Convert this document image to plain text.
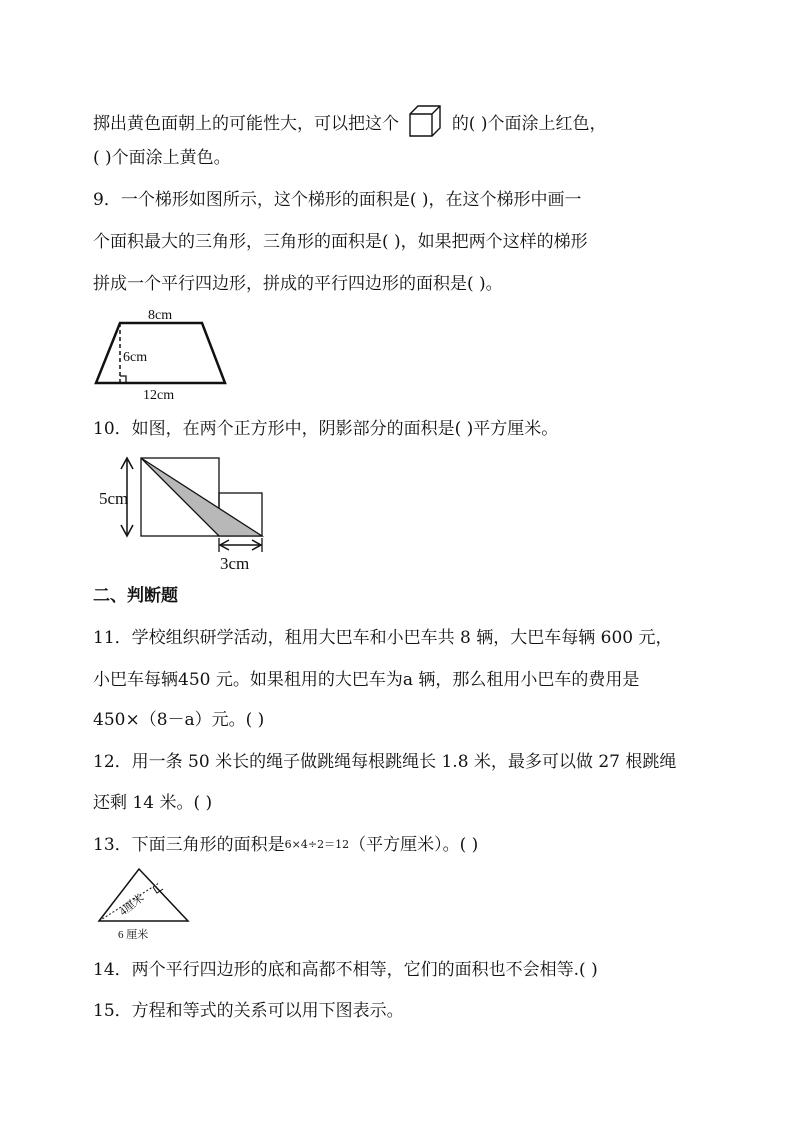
掷出黄色面朝上的可能性大，可以把这个	的( )个面涂上红色，
( )个面涂上黄色。
9．一个梯形如图所示，这个梯形的面积是( )，在这个梯形中画一
个面积最大的三角形，三角形的面积是( )，如果把两个这样的梯形
拼成一个平行四边形，拼成的平行四边形的面积是( )。
8cm
6cm
12cm
10．如图，在两个正方形中，阴影部分的面积是( )平方厘米。
5cm
3cm
二、判断题
11．学校组织研学活动，租用大巴车和小巴车共 8 辆，大巴车每辆 600 元，
小巴车每辆450 元。如果租用的大巴车为a 辆，那么租用小巴车的费用是
450×（8－a）元。( )
12．用一条 50 米长的绳子做跳绳每根跳绳长 1.8 米，最多可以做 27 根跳绳
还剩 14 米。( )
13．下面三角形的面积是6×4÷2＝12（平方厘米）。( )
4厘米
6 厘米
14．两个平行四边形的底和高都不相等，它们的面积也不会相等.( )
15．方程和等式的关系可以用下图表示。
